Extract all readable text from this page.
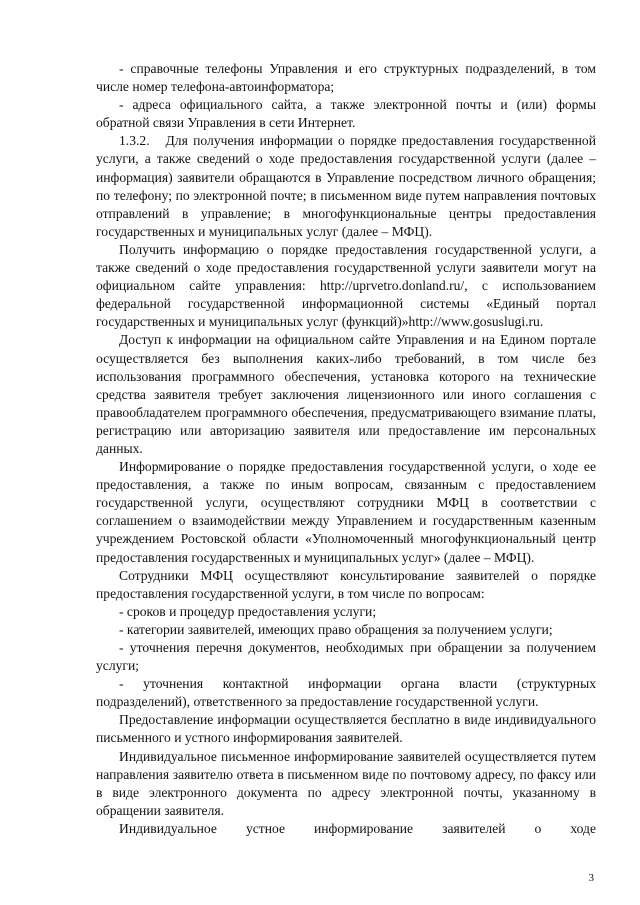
- справочные телефоны Управления и его структурных подразделений, в том числе номер телефона-автоинформатора;

- адреса официального сайта, а также электронной почты и (или) формы обратной связи Управления в сети Интернет.

1.3.2.   Для получения информации о порядке предоставления государственной услуги, а также сведений о ходе предоставления государственной услуги (далее – информация) заявители обращаются в Управление посредством личного обращения; по телефону; по электронной почте; в письменном виде путем направления почтовых отправлений в управление; в многофункциональные центры предоставления государственных и муниципальных услуг (далее – МФЦ).

Получить информацию о порядке предоставления государственной услуги, а также сведений о ходе предоставления государственной услуги заявители могут на официальном сайте управления: http://uprvetro.donland.ru/, с использованием федеральной государственной информационной системы «Единый портал государственных и муниципальных услуг (функций)»http://www.gosuslugi.ru.

Доступ к информации на официальном сайте Управления и на Едином портале осуществляется без выполнения каких-либо требований, в том числе без использования программного обеспечения, установка которого на технические средства заявителя требует заключения лицензионного или иного соглашения с правообладателем программного обеспечения, предусматривающего взимание платы, регистрацию или авторизацию заявителя или предоставление им персональных данных.

Информирование о порядке предоставления государственной услуги, о ходе ее предоставления, а также по иным вопросам, связанным с предоставлением государственной услуги, осуществляют сотрудники МФЦ в соответствии с соглашением о взаимодействии между Управлением и государственным казенным учреждением Ростовской области «Уполномоченный многофункциональный центр предоставления государственных и муниципальных услуг» (далее – МФЦ).

Сотрудники МФЦ осуществляют консультирование заявителей о порядке предоставления государственной услуги, в том числе по вопросам:

- сроков и процедур предоставления услуги;

- категории заявителей, имеющих право обращения за получением услуги;

- уточнения перечня документов, необходимых при обращении за получением услуги;

- уточнения контактной информации органа власти (структурных подразделений), ответственного за предоставление государственной услуги.

Предоставление информации осуществляется бесплатно в виде индивидуального письменного и устного информирования заявителей.

Индивидуальное письменное информирование заявителей осуществляется путем направления заявителю ответа в письменном виде по почтовому адресу, по факсу или в виде электронного документа по адресу электронной почты, указанному в обращении заявителя.

Индивидуальное устное информирование заявителей о ходе

3
